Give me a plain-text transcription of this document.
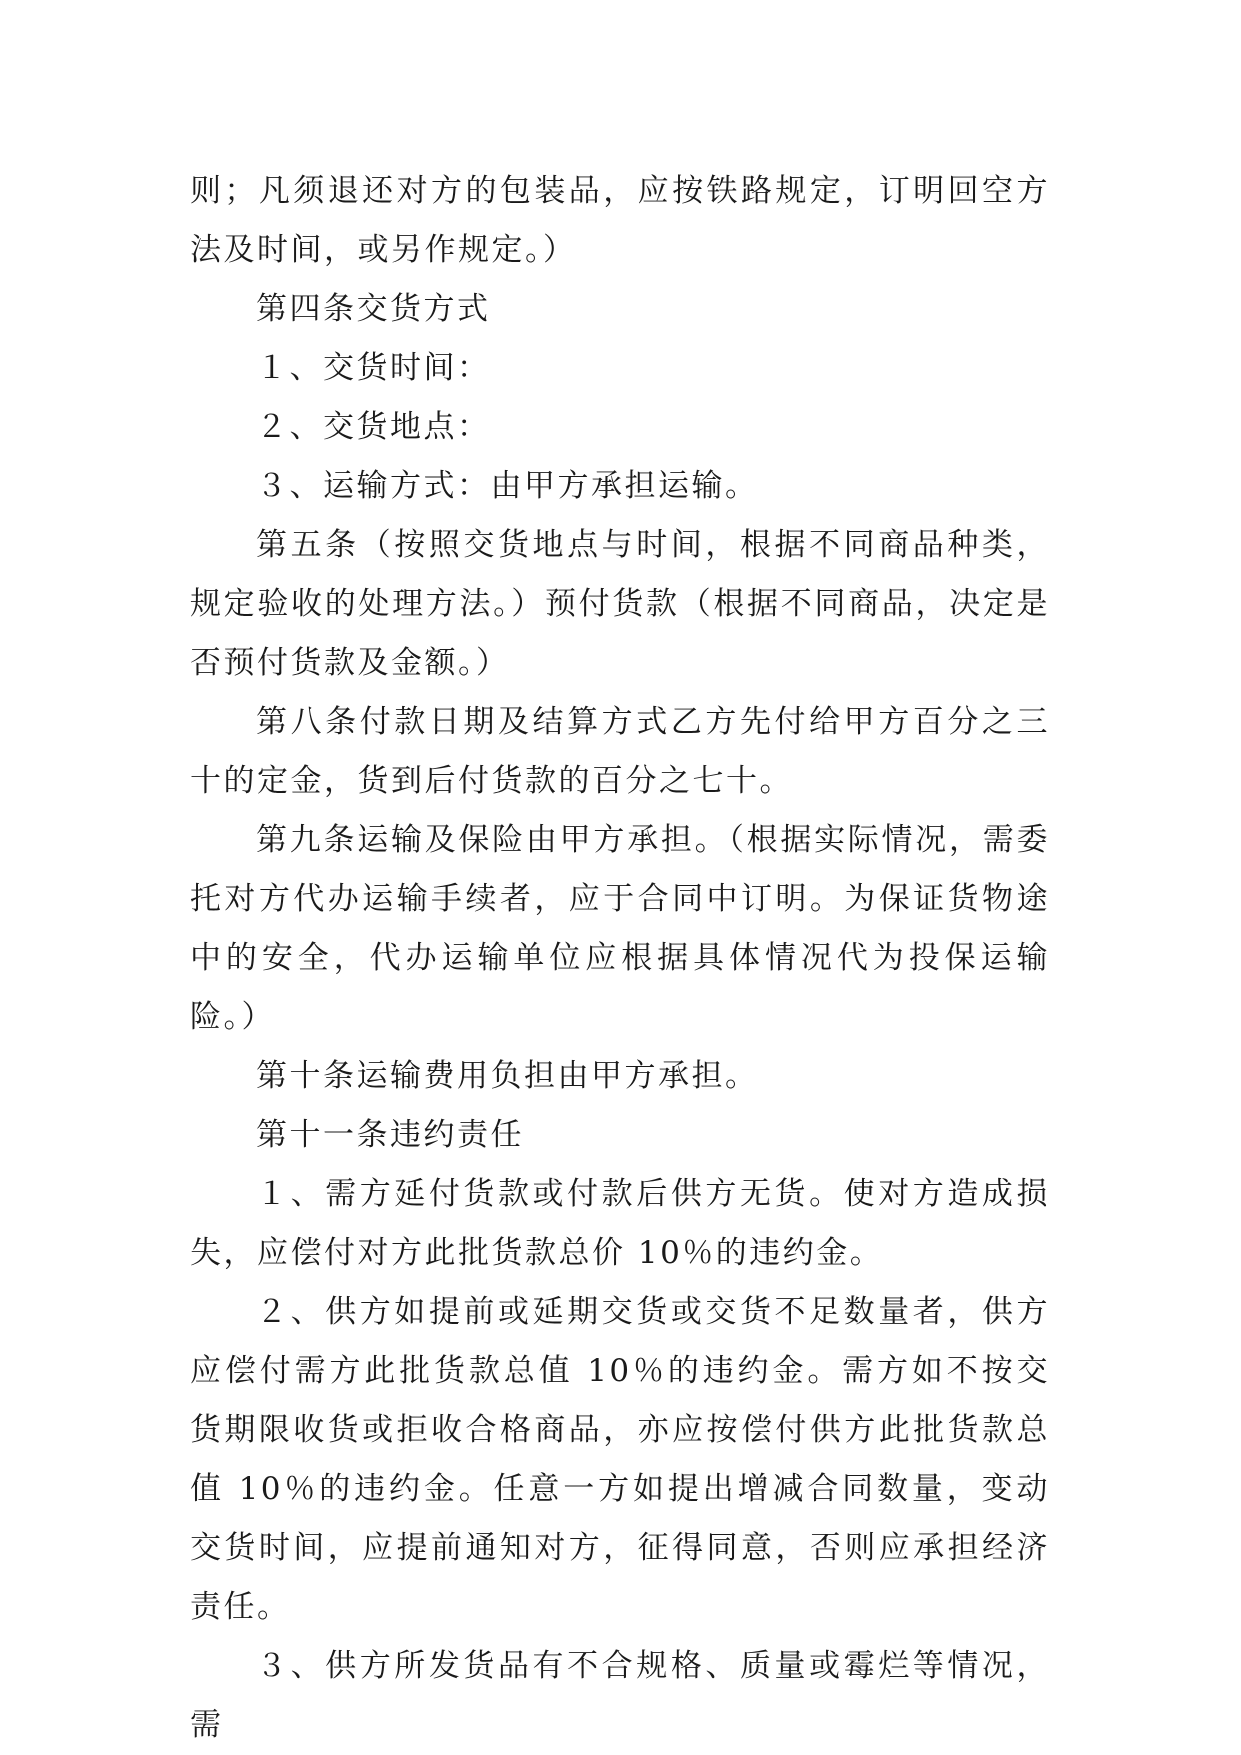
则；凡须退还对方的包装品，应按铁路规定，订明回空方法及时间，或另作规定。）

第四条交货方式

１、交货时间：

２、交货地点：

３、运输方式：由甲方承担运输。

第五条（按照交货地点与时间，根据不同商品种类，规定验收的处理方法。）预付货款（根据不同商品，决定是否预付货款及金额。）

第八条付款日期及结算方式乙方先付给甲方百分之三十的定金，货到后付货款的百分之七十。

第九条运输及保险由甲方承担。（根据实际情况，需委托对方代办运输手续者，应于合同中订明。为保证货物途中的安全，代办运输单位应根据具体情况代为投保运输险。）

第十条运输费用负担由甲方承担。

第十一条违约责任

１、需方延付货款或付款后供方无货。使对方造成损失，应偿付对方此批货款总价 10％的违约金。

２、供方如提前或延期交货或交货不足数量者，供方应偿付需方此批货款总值 10％的违约金。需方如不按交货期限收货或拒收合格商品，亦应按偿付供方此批货款总值 10％的违约金。任意一方如提出增减合同数量，变动交货时间，应提前通知对方，征得同意，否则应承担经济责任。

３、供方所发货品有不合规格、质量或霉烂等情况，需
